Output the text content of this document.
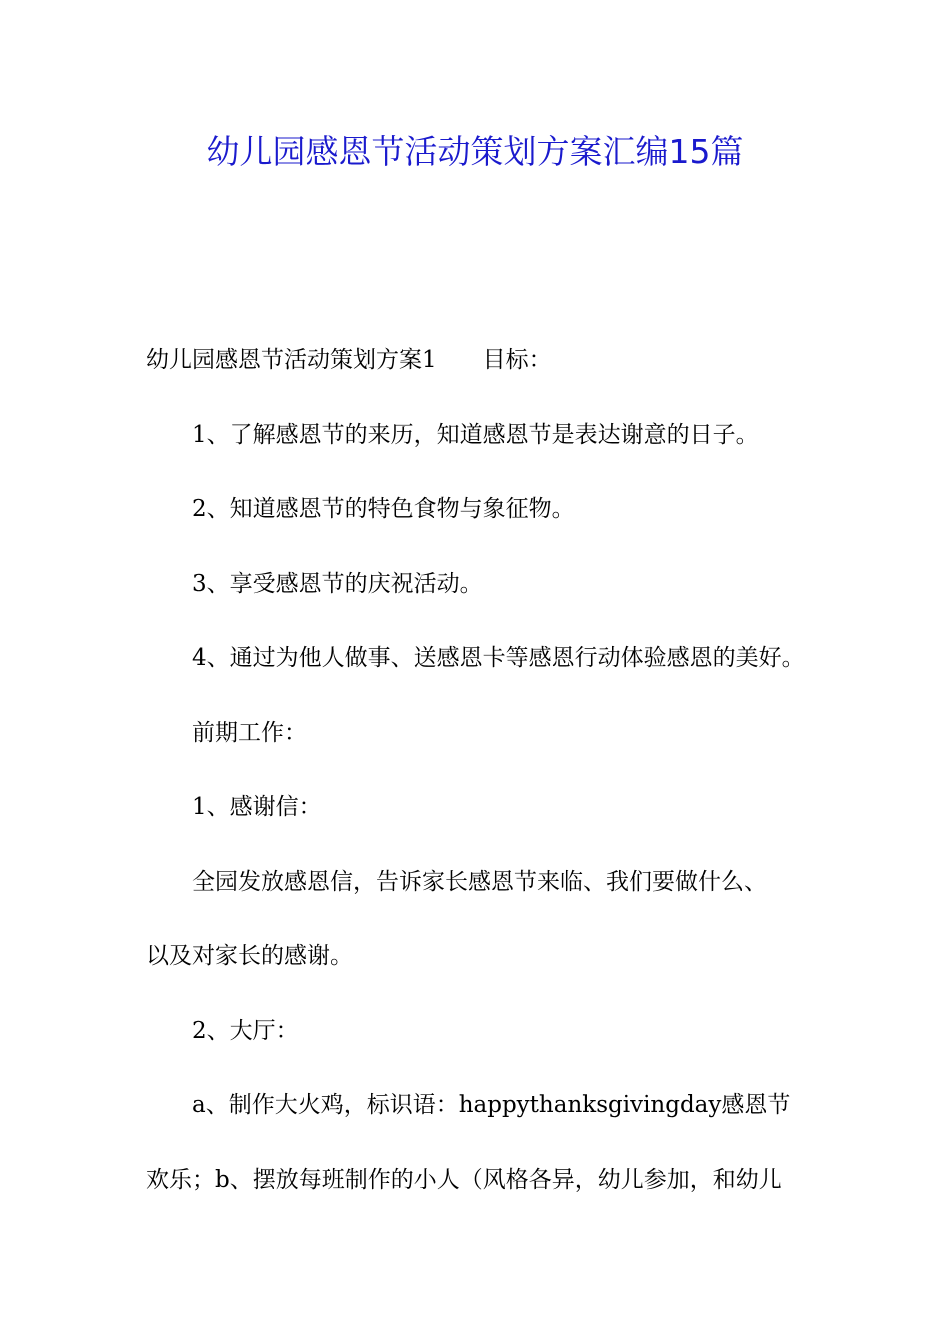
幼儿园感恩节活动策划方案汇编15篇

幼儿园感恩节活动策划方案1 目标：

1、了解感恩节的来历，知道感恩节是表达谢意的日子。

2、知道感恩节的特色食物与象征物。

3、享受感恩节的庆祝活动。

4、通过为他人做事、送感恩卡等感恩行动体验感恩的美好。

前期工作：

1、感谢信：

全园发放感恩信，告诉家长感恩节来临、我们要做什么、

以及对家长的感谢。

2、大厅：

a、制作大火鸡，标识语：happythanksgivingday感恩节

欢乐；b、摆放每班制作的小人（风格各异，幼儿参加，和幼儿
